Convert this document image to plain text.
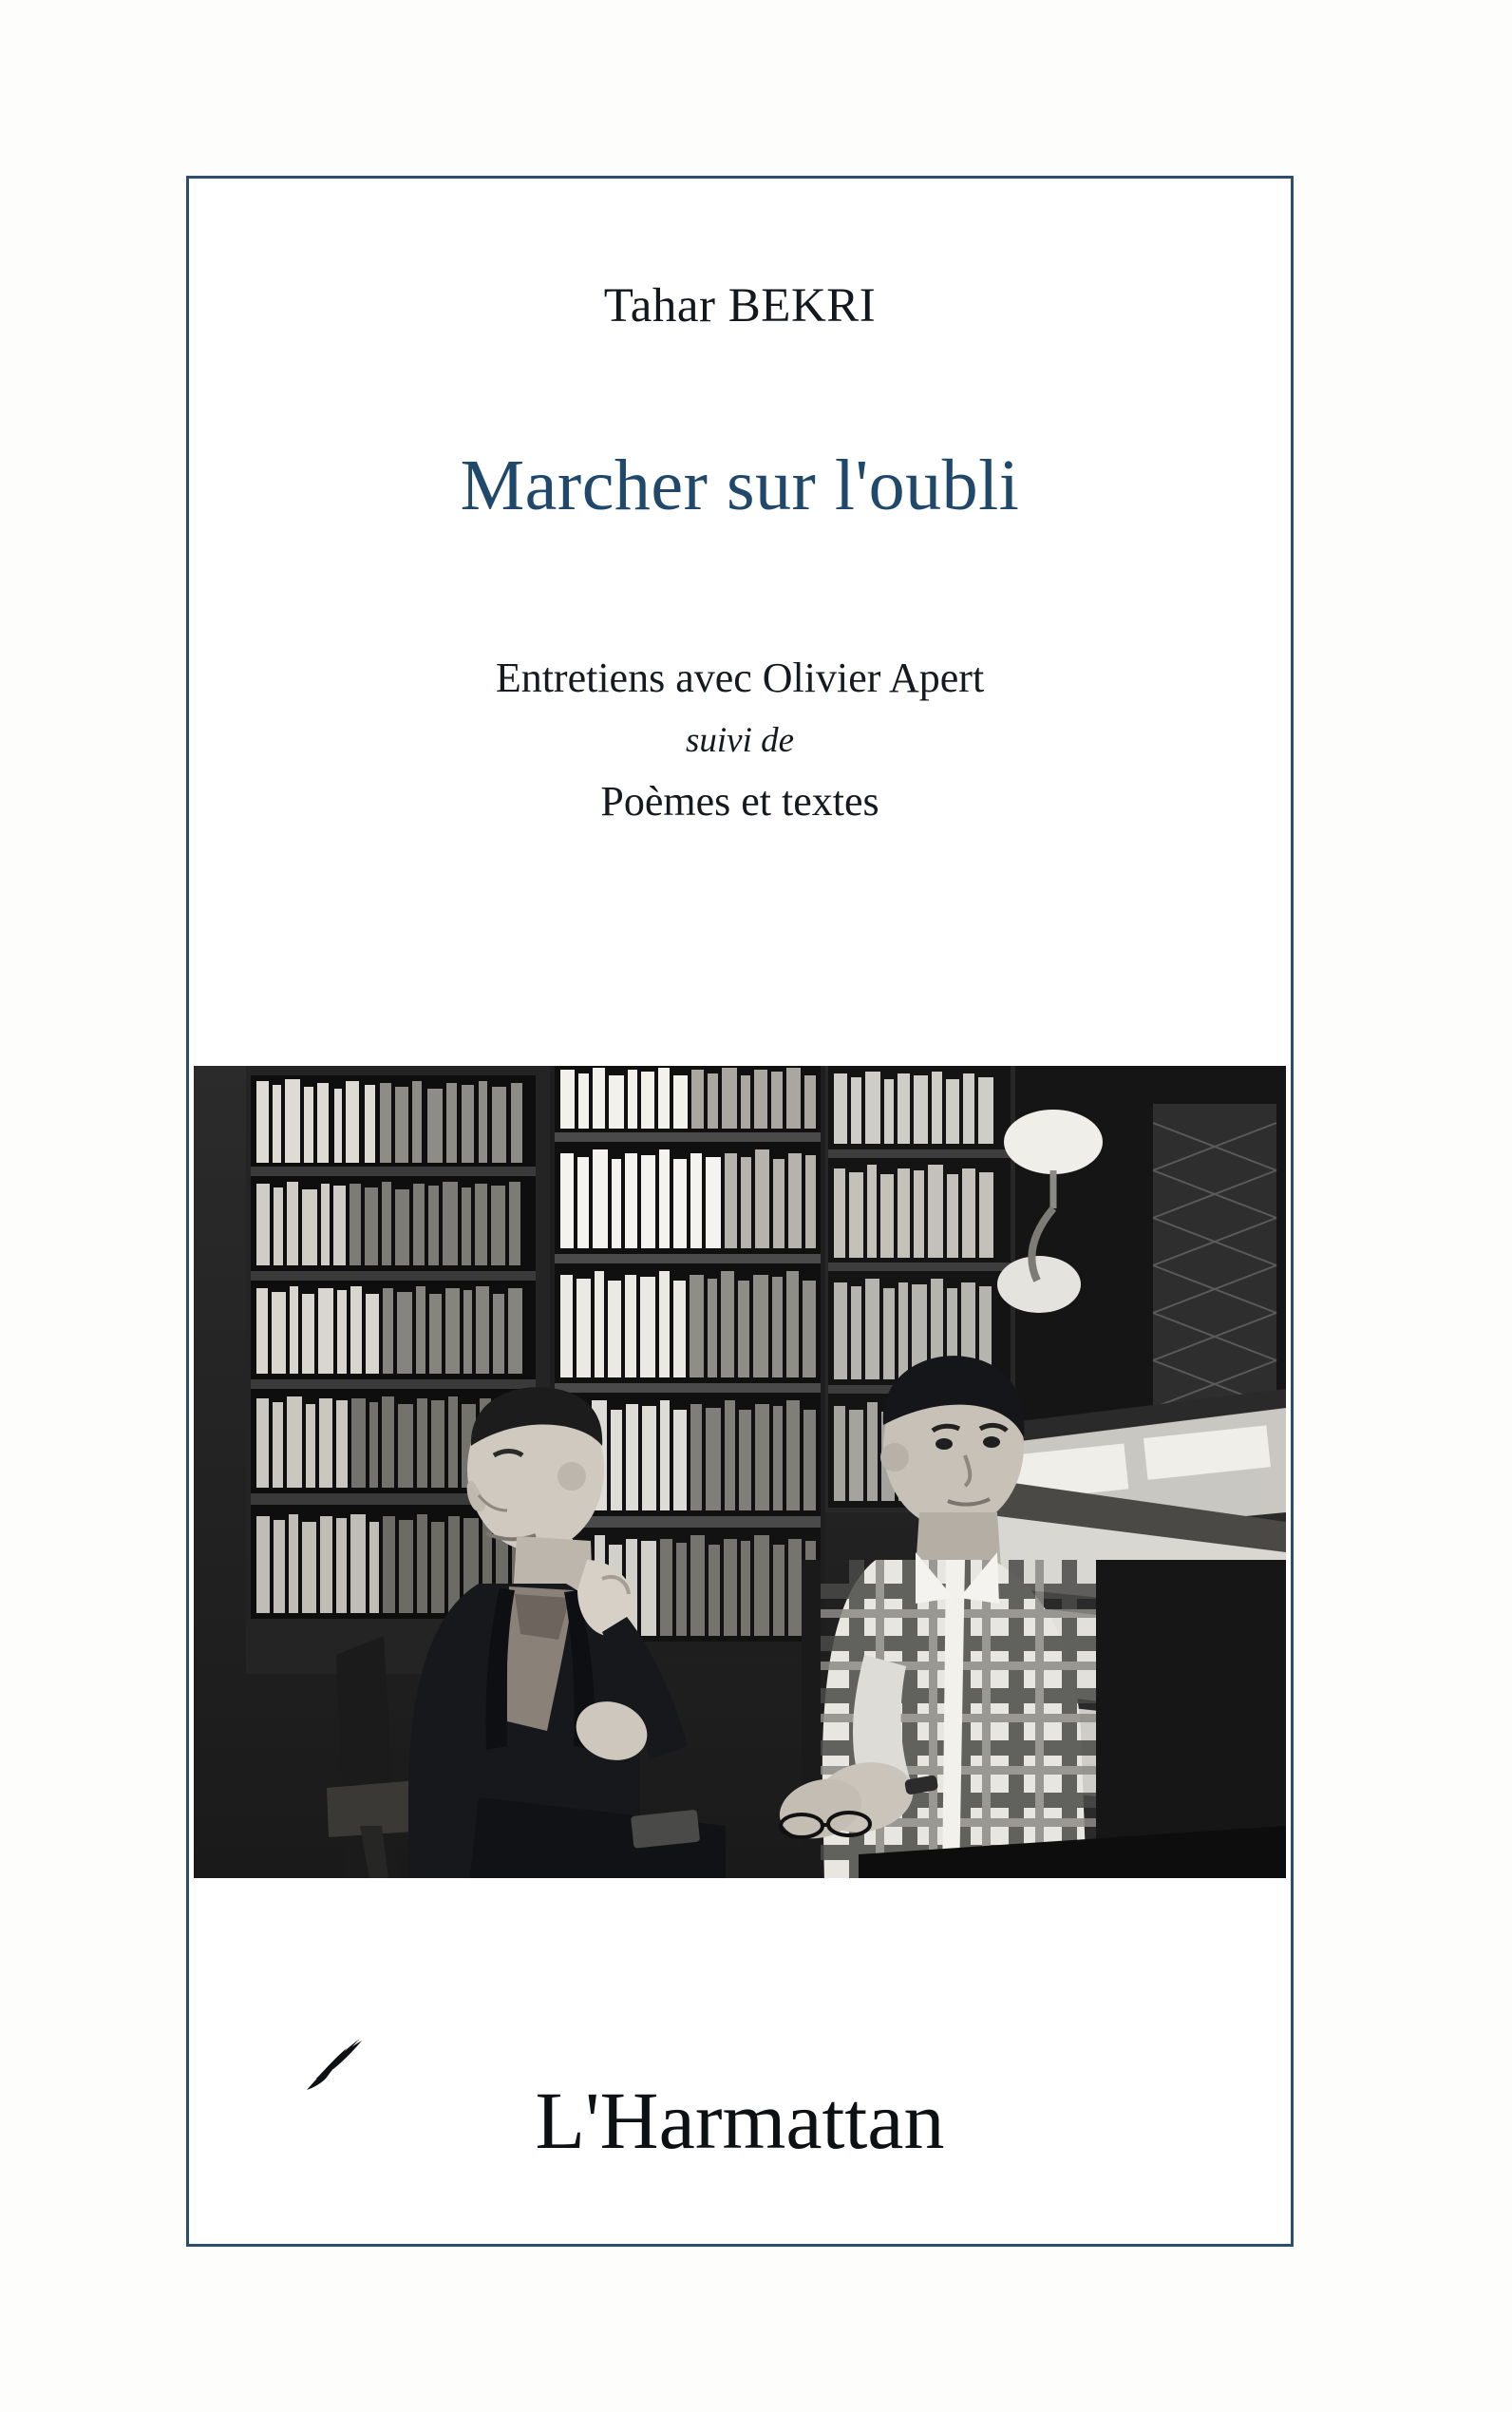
Tahar BEKRI
Marcher sur l'oubli
Entretiens avec Olivier Apert
suivi de
Poèmes et textes
L'Harmattan
